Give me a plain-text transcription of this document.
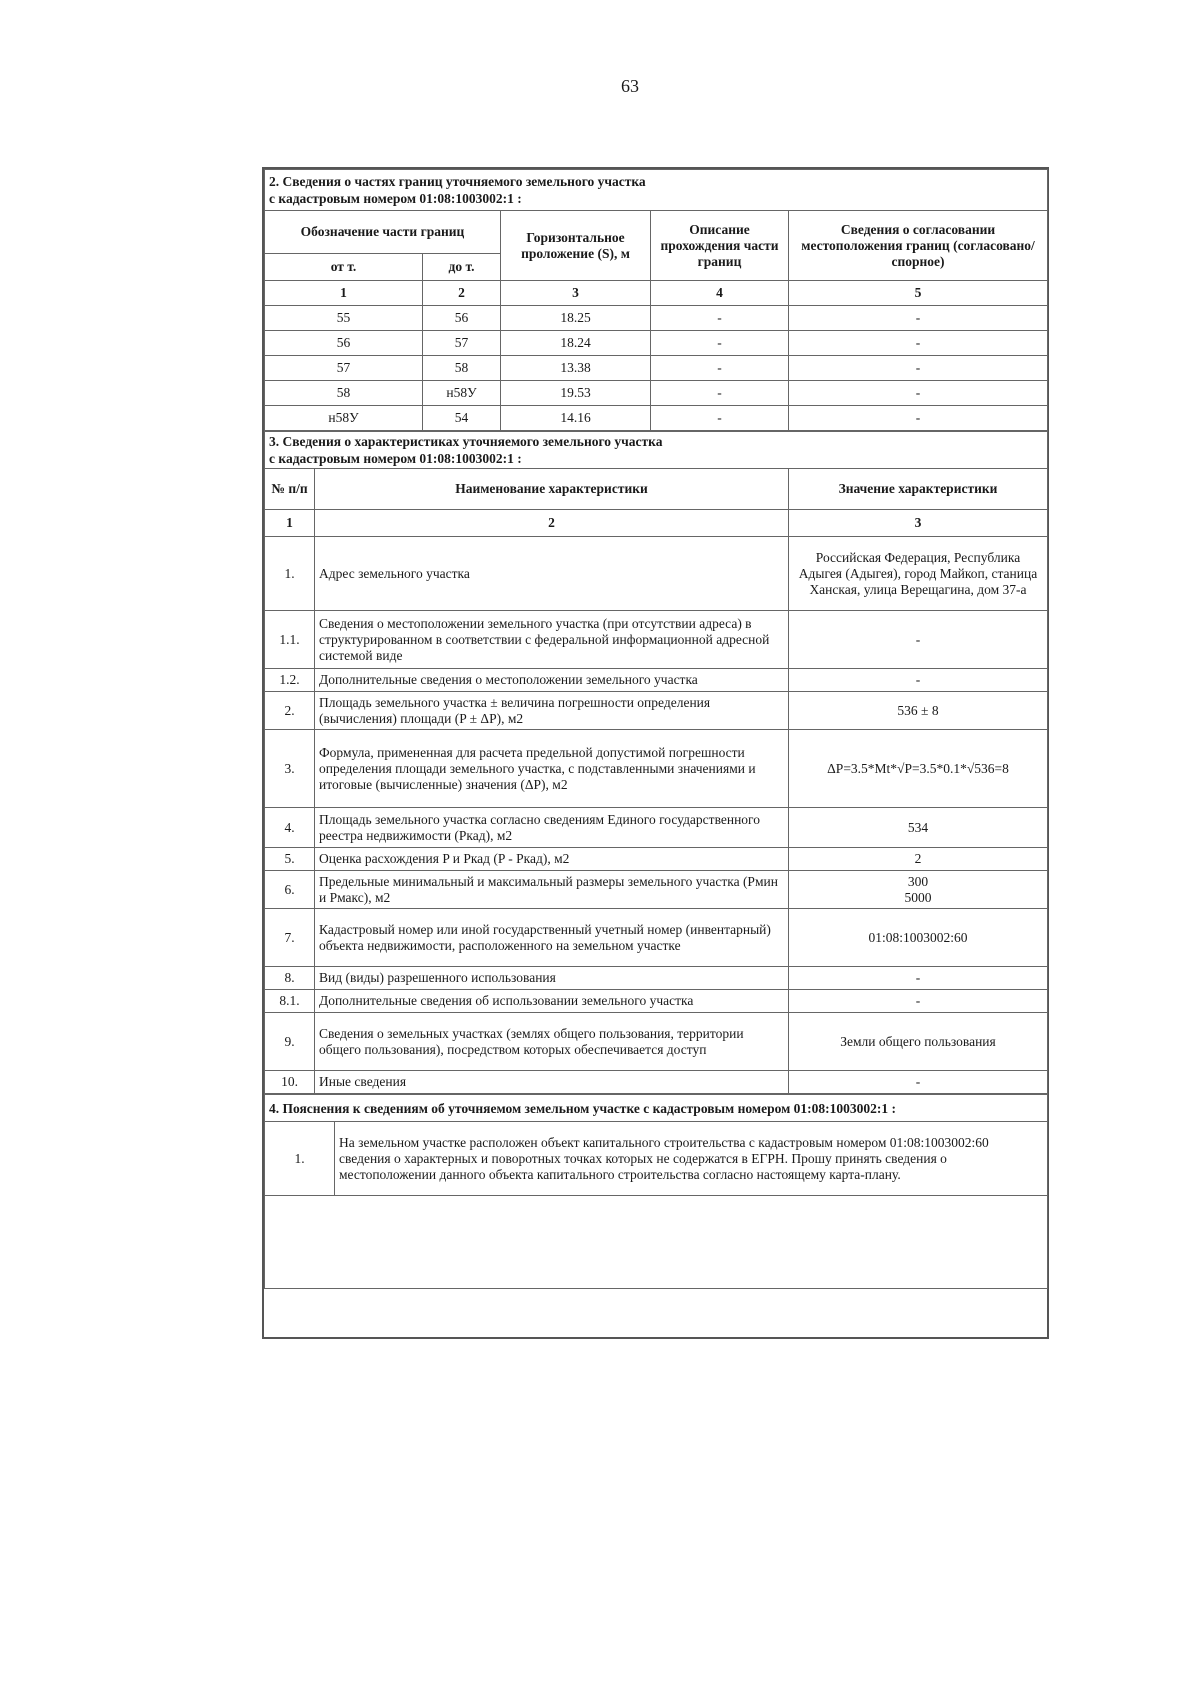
63
2. Сведения о частях границ уточняемого земельного участка
с кадастровым номером 01:08:1003002:1 :				

Обозначение части границ		Горизонтальное проложение (S), м	Описание прохождения части границ	Сведения о согласовании местоположения границ (согласовано/спорное)
от т.	до т.			
1	2	3	4	5
55	56	18.25	-	-
56	57	18.24	-	-
57	58	13.38	-	-
58	н58У	19.53	-	-
н58У	54	14.16	-	-
3. Сведения о характеристиках уточняемого земельного участка
с кадастровым номером 01:08:1003002:1 :		

№ п/п	Наименование характеристики	Значение характеристики
1	2	3
1.	Адрес земельного участка	Российская Федерация, Республика Адыгея (Адыгея), город Майкоп, станица Ханская, улица Верещагина, дом 37-а
1.1.	Сведения о местоположении земельного участка (при отсутствии адреса) в структурированном в соответствии с федеральной информационной адресной системой виде	-
1.2.	Дополнительные сведения о местоположении земельного участка	-
2.	Площадь земельного участка ± величина погрешности определения (вычисления) площади (P ± ΔP), м2	536 ± 8
3.	Формула, примененная для расчета предельной допустимой погрешности определения площади земельного участка, с подставленными значениями и итоговые (вычисленные) значения (ΔP), м2	ΔP=3.5*Mt*√P=3.5*0.1*√536=8
4.	Площадь земельного участка согласно сведениям Единого государственного реестра недвижимости (Ркад), м2	534
5.	Оценка расхождения P и Ркад (P - Ркад), м2	2
6.	Предельные минимальный и максимальный размеры земельного участка (Рмин и Рмакс), м2	300
5000
7.	Кадастровый номер или иной государственный учетный номер (инвентарный) объекта недвижимости, расположенного на земельном участке	01:08:1003002:60
8.	Вид (виды) разрешенного использования	-
8.1.	Дополнительные сведения об использовании земельного участка	-
9.	Сведения о земельных участках (землях общего пользования, территории общего пользования), посредством которых обеспечивается доступ	Земли общего пользования
10.	Иные сведения	-
4. Пояснения к сведениям об уточняемом земельном участке с кадастровым номером 01:08:1003002:1 :
1.	На земельном участке расположен объект капитального строительства с кадастровым номером 01:08:1003002:60 сведения о характерных и поворотных точках которых не содержатся в ЕГРН. Прошу принять сведения о местоположении данного объекта капитального строительства согласно настоящему карта-плану.
